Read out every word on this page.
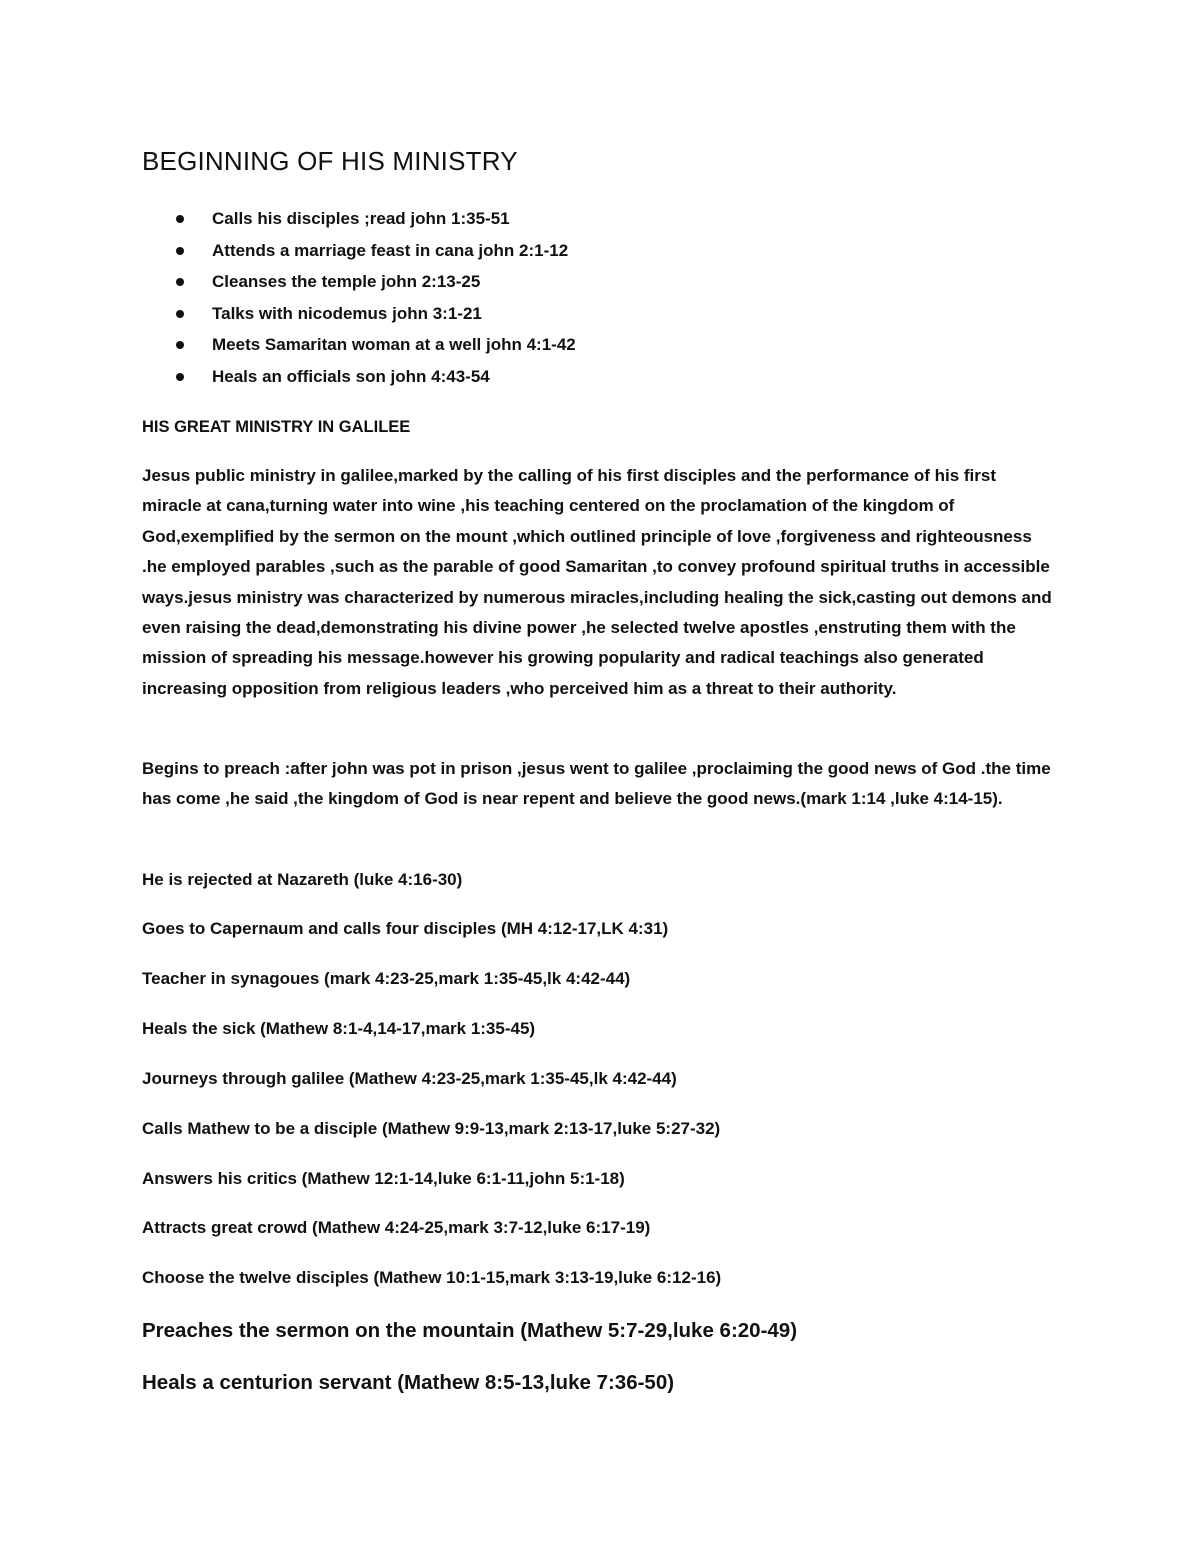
BEGINNING OF HIS MINISTRY
Calls his disciples ;read john 1:35-51
Attends a marriage feast in cana john 2:1-12
Cleanses the temple john 2:13-25
Talks with nicodemus john 3:1-21
Meets Samaritan woman at a well john 4:1-42
Heals an officials son john 4:43-54
HIS GREAT MINISTRY IN GALILEE

Jesus public ministry in galilee,marked by the calling of his first disciples and the performance of his first miracle at cana,turning water into wine ,his teaching centered on the proclamation of the kingdom of God,exemplified by the sermon on the mount ,which outlined principle of love ,forgiveness and righteousness .he employed parables ,such as the parable of good Samaritan ,to convey profound spiritual truths in accessible ways.jesus ministry was characterized by numerous miracles,including healing the sick,casting out demons and even raising the dead,demonstrating his divine power ,he selected twelve apostles ,enstruting them with the mission of spreading his message.however his growing popularity and radical teachings also generated increasing opposition from religious leaders ,who perceived him as a threat to their authority.

Begins to preach :after john was pot in prison ,jesus went to galilee ,proclaiming the good news of God .the time has come ,he said ,the kingdom of God is near repent and believe the good news.(mark 1:14 ,luke 4:14-15).

He is rejected at Nazareth (luke 4:16-30)

Goes to Capernaum and calls four disciples (MH 4:12-17,LK 4:31)

Teacher in synagoues (mark 4:23-25,mark 1:35-45,lk 4:42-44)

Heals the sick (Mathew 8:1-4,14-17,mark 1:35-45)

Journeys through galilee (Mathew 4:23-25,mark 1:35-45,lk 4:42-44)

Calls Mathew to be a disciple (Mathew 9:9-13,mark 2:13-17,luke 5:27-32)

Answers his critics (Mathew 12:1-14,luke 6:1-11,john 5:1-18)

Attracts great crowd (Mathew 4:24-25,mark 3:7-12,luke 6:17-19)

Choose the twelve disciples (Mathew 10:1-15,mark 3:13-19,luke 6:12-16)

Preaches the sermon on the mountain (Mathew 5:7-29,luke 6:20-49)

Heals a centurion servant (Mathew 8:5-13,luke 7:36-50)
